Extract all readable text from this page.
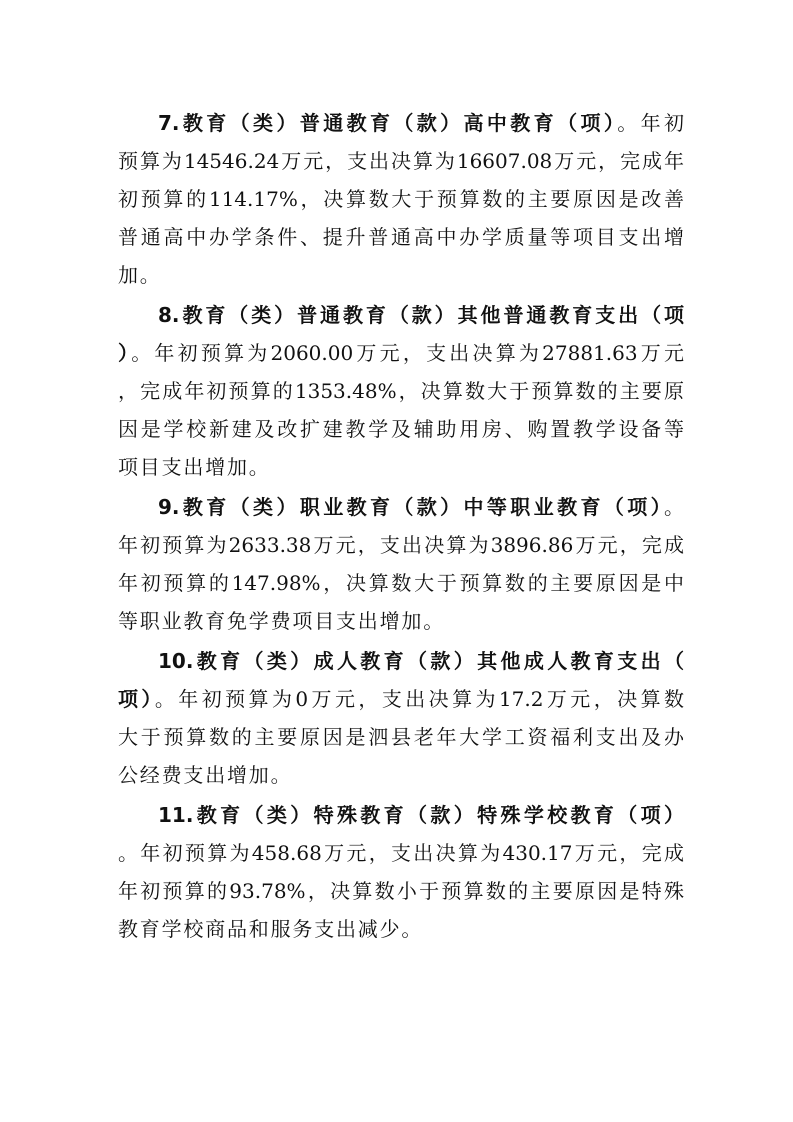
7.教育（类）普通教育（款）高中教育（项）。年初
预算为14546.24万元，支出决算为16607.08万元，完成年
初预算的114.17%，决算数大于预算数的主要原因是改善
普通高中办学条件、提升普通高中办学质量等项目支出增
加。
8.教育（类）普通教育（款）其他普通教育支出（项
）。年初预算为2060.00万元，支出决算为27881.63万元
，完成年初预算的1353.48%，决算数大于预算数的主要原
因是学校新建及改扩建教学及辅助用房、购置教学设备等
项目支出增加。
9.教育（类）职业教育（款）中等职业教育（项）。
年初预算为2633.38万元，支出决算为3896.86万元，完成
年初预算的147.98%，决算数大于预算数的主要原因是中
等职业教育免学费项目支出增加。
10.教育（类）成人教育（款）其他成人教育支出（
项）。年初预算为0万元，支出决算为17.2万元，决算数
大于预算数的主要原因是泗县老年大学工资福利支出及办
公经费支出增加。
11.教育（类）特殊教育（款）特殊学校教育（项）
。年初预算为458.68万元，支出决算为430.17万元，完成
年初预算的93.78%，决算数小于预算数的主要原因是特殊
教育学校商品和服务支出减少。
